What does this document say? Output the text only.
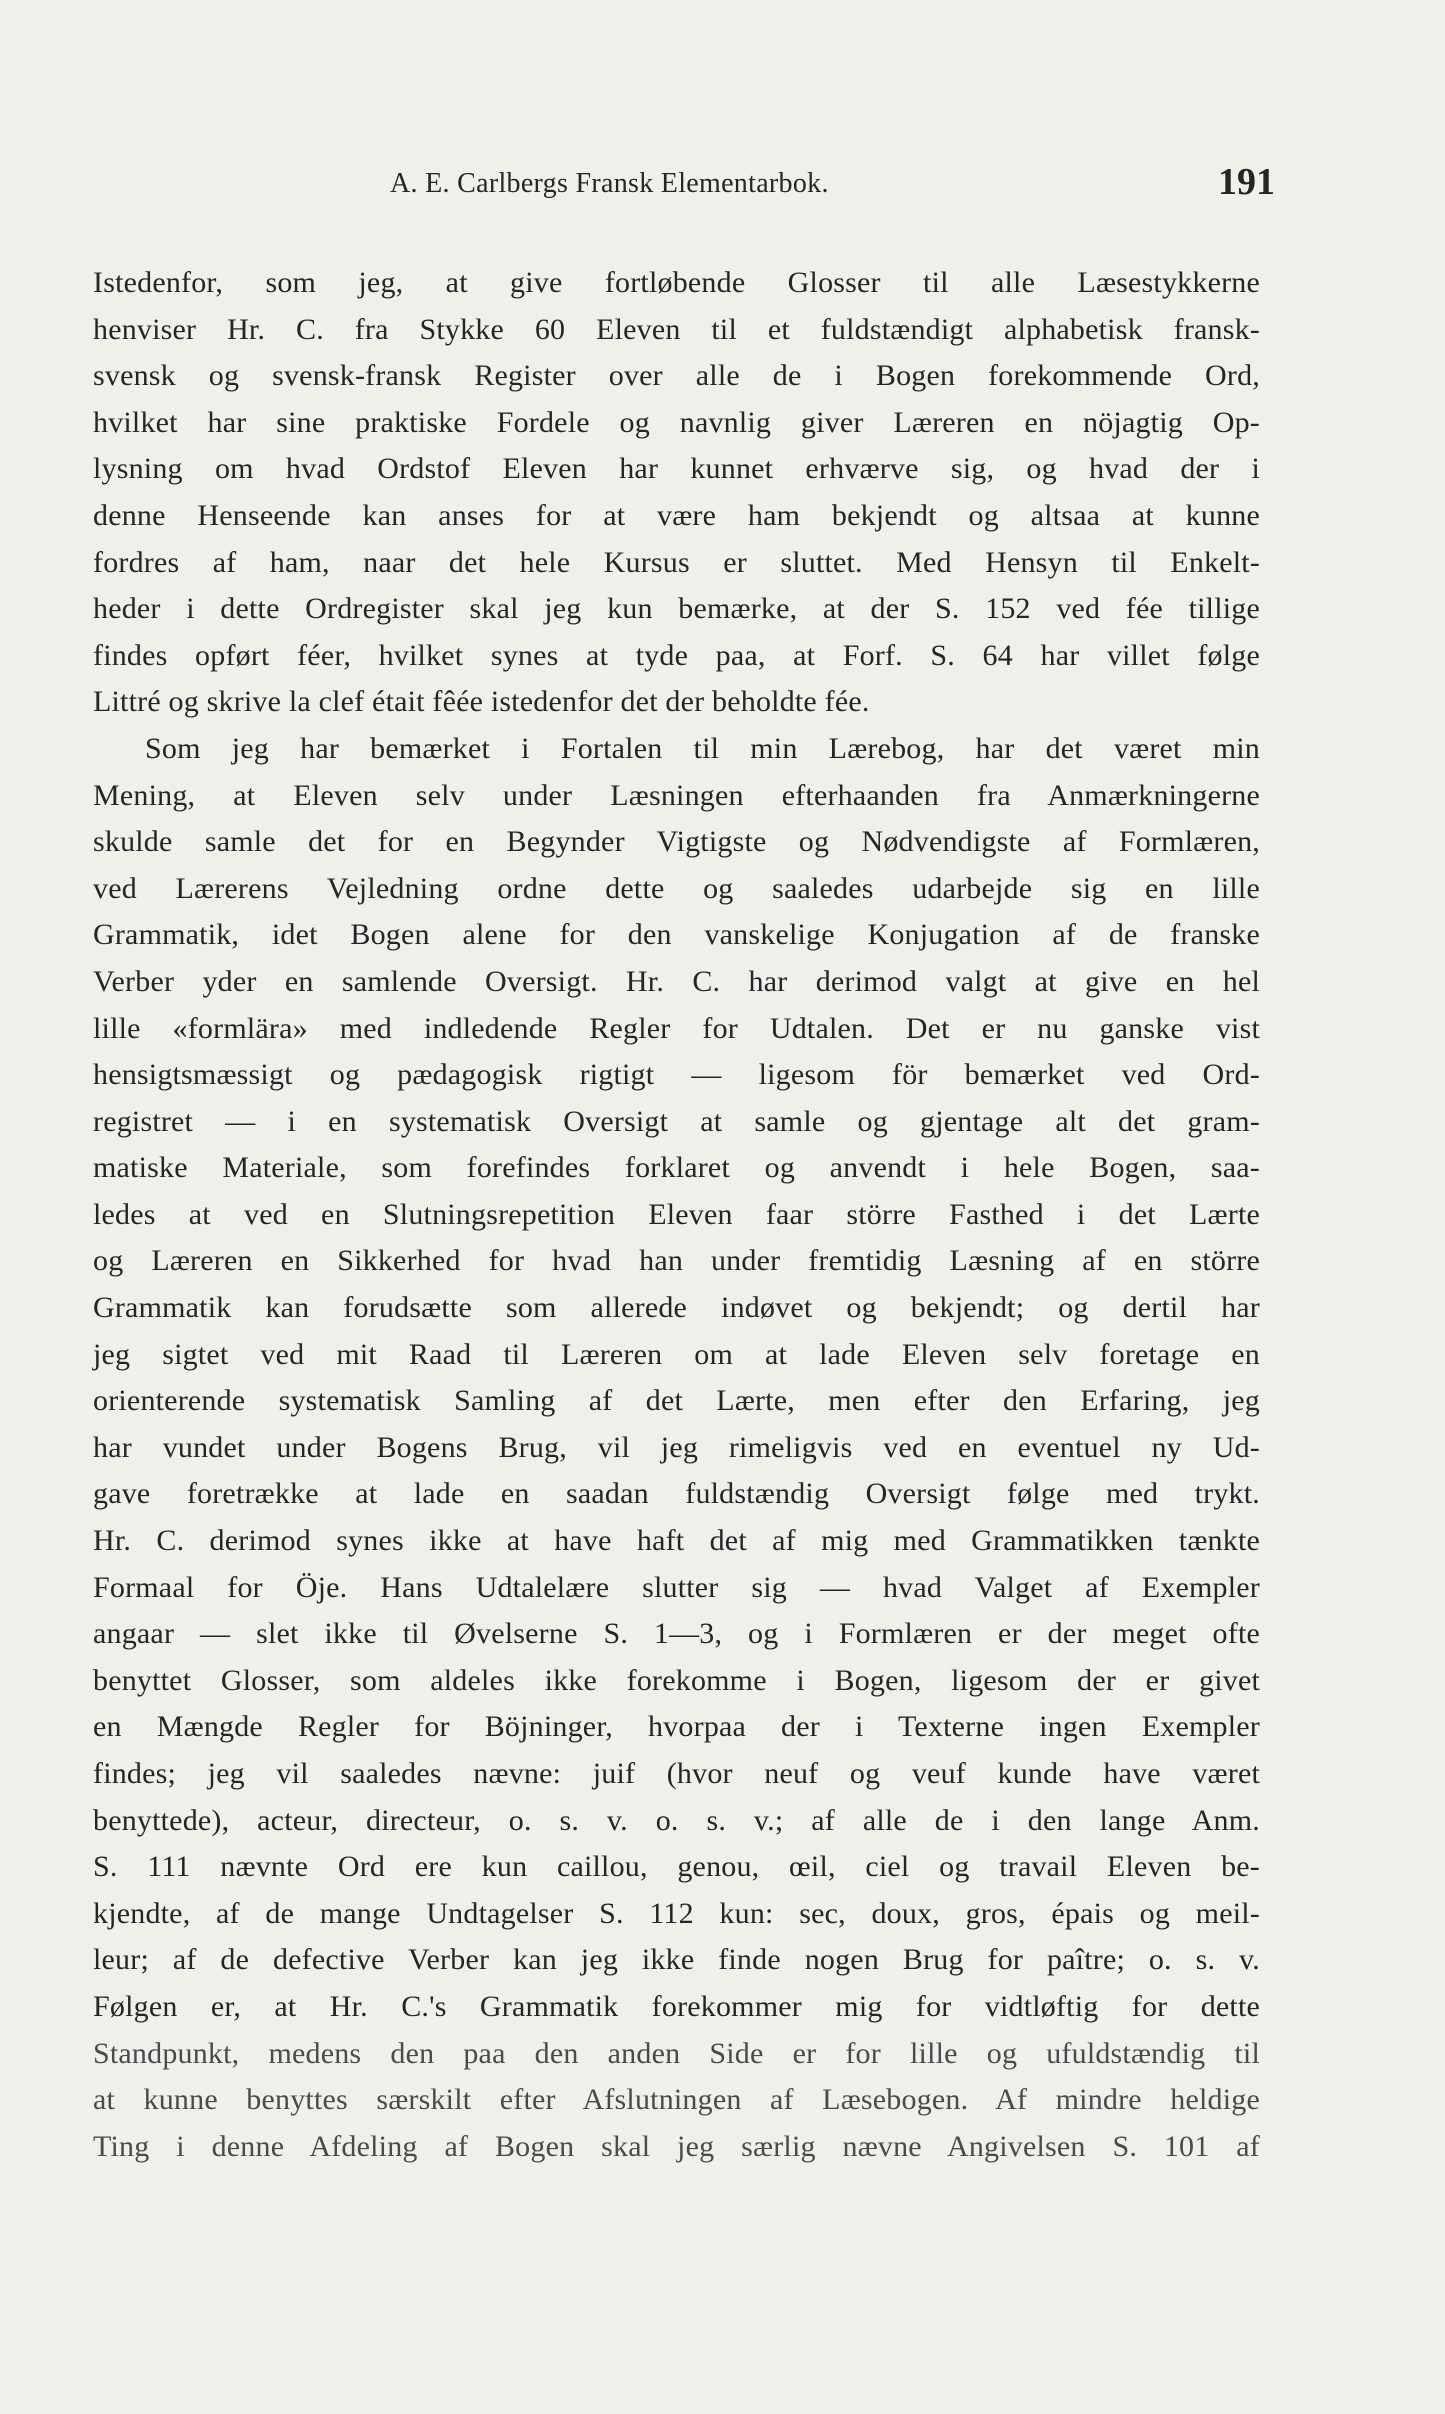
A. E. Carlbergs Fransk Elementarbok.	191
Istedenfor, som jeg, at give fortløbende Glosser til alle Læsestykkerne
henviser Hr. C. fra Stykke 60 Eleven til et fuldstændigt alphabetisk fransk-
svensk og svensk-fransk Register over alle de i Bogen forekommende Ord,
hvilket har sine praktiske Fordele og navnlig giver Læreren en nöjagtig Op-
lysning om hvad Ordstof Eleven har kunnet erhværve sig, og hvad der i
denne Henseende kan anses for at være ham bekjendt og altsaa at kunne
fordres af ham, naar det hele Kursus er sluttet. Med Hensyn til Enkelt-
heder i dette Ordregister skal jeg kun bemærke, at der S. 152 ved fée tillige
findes opført féer, hvilket synes at tyde paa, at Forf. S. 64 har villet følge
Littré og skrive la clef était fêée istedenfor det der beholdte fée.
Som jeg har bemærket i Fortalen til min Lærebog, har det været min
Mening, at Eleven selv under Læsningen efterhaanden fra Anmærkningerne
skulde samle det for en Begynder Vigtigste og Nødvendigste af Formlæren,
ved Lærerens Vejledning ordne dette og saaledes udarbejde sig en lille
Grammatik, idet Bogen alene for den vanskelige Konjugation af de franske
Verber yder en samlende Oversigt. Hr. C. har derimod valgt at give en hel
lille «formlära» med indledende Regler for Udtalen. Det er nu ganske vist
hensigtsmæssigt og pædagogisk rigtigt — ligesom för bemærket ved Ord-
registret — i en systematisk Oversigt at samle og gjentage alt det gram-
matiske Materiale, som forefindes forklaret og anvendt i hele Bogen, saa-
ledes at ved en Slutningsrepetition Eleven faar större Fasthed i det Lærte
og Læreren en Sikkerhed for hvad han under fremtidig Læsning af en större
Grammatik kan forudsætte som allerede indøvet og bekjendt; og dertil har
jeg sigtet ved mit Raad til Læreren om at lade Eleven selv foretage en
orienterende systematisk Samling af det Lærte, men efter den Erfaring, jeg
har vundet under Bogens Brug, vil jeg rimeligvis ved en eventuel ny Ud-
gave foretrække at lade en saadan fuldstændig Oversigt følge med trykt.
Hr. C. derimod synes ikke at have haft det af mig med Grammatikken tænkte
Formaal for Öje. Hans Udtalelære slutter sig — hvad Valget af Exempler
angaar — slet ikke til Øvelserne S. 1—3, og i Formlæren er der meget ofte
benyttet Glosser, som aldeles ikke forekomme i Bogen, ligesom der er givet
en Mængde Regler for Böjninger, hvorpaa der i Texterne ingen Exempler
findes; jeg vil saaledes nævne: juif (hvor neuf og veuf kunde have været
benyttede), acteur, directeur, o. s. v. o. s. v.; af alle de i den lange Anm.
S. 111 nævnte Ord ere kun caillou, genou, œil, ciel og travail Eleven be-
kjendte, af de mange Undtagelser S. 112 kun: sec, doux, gros, épais og meil-
leur; af de defective Verber kan jeg ikke finde nogen Brug for paître; o. s. v.
Følgen er, at Hr. C.'s Grammatik forekommer mig for vidtløftig for dette
Standpunkt, medens den paa den anden Side er for lille og ufuldstændig til
at kunne benyttes særskilt efter Afslutningen af Læsebogen. Af mindre heldige
Ting i denne Afdeling af Bogen skal jeg særlig nævne Angivelsen S. 101 af
